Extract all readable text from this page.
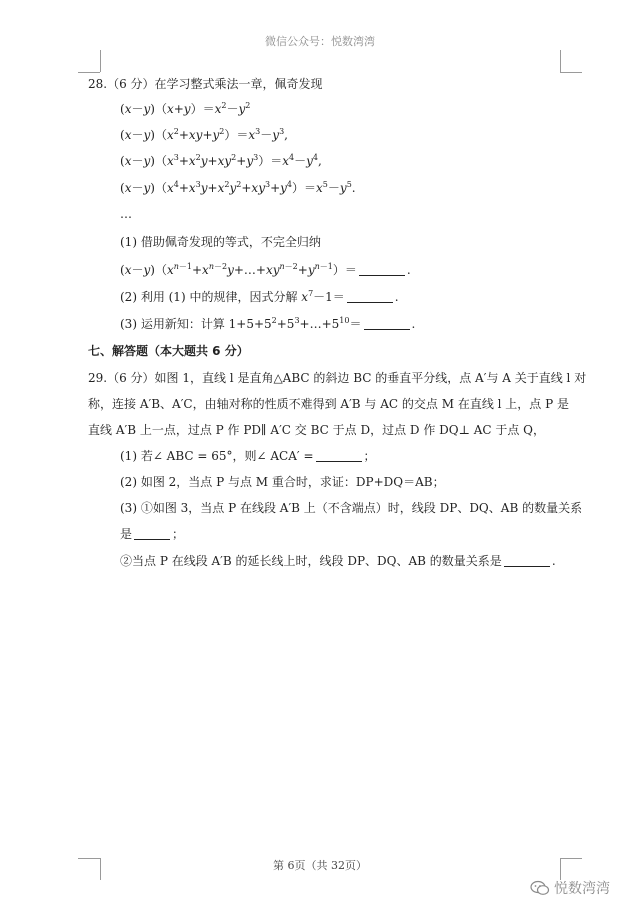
微信公众号：悦数湾湾
28.（6 分）在学习整式乘法一章，佩奇发现
$(x-y)(x+y)=x^2-y^2$
$(x-y)(x^2+xy+y^2)=x^3-y^3$,
$(x-y)(x^3+x^2y+xy^2+y^3)=x^4-y^4$,
$(x-y)(x^4+x^3y+x^2y^2+xy^3+y^4)=x^5-y^5$.
…
(1) 借助佩奇发现的等式，不完全归纳
$(x-y)(x^{n-1}+x^{n-2}y+\dots+xy^{n-2}+y^{n-1})=$	.
(2) 利用 (1) 中的规律，因式分解 $x^7-1=$	.
(3) 运用新知：计算 $1+5+5^2+5^3+\dots+5^{10}=$	.
七、解答题（本大题共 6 分）
29.（6 分）如图 1，直线 l 是直角△ABC 的斜边 BC 的垂直平分线，点 A′与 A 关于直线 l 对
称，连接 A′B、A′C，由轴对称的性质不难得到 A′B 与 AC 的交点 M 在直线 l 上，点 P 是
直线 A′B 上一点，过点 P 作 PD∥ A′C 交 BC 于点 D，过点 D 作 DQ⊥ AC 于点 Q，
(1) 若∠ ABC = 65°，则∠ ACA′ =	；
(2) 如图 2，当点 P 与点 M 重合时，求证：DP+DQ＝AB；
(3) ①如图 3，当点 P 在线段 A′B 上（不含端点）时，线段 DP、DQ、AB 的数量关系
是	；
②当点 P 在线段 A′B 的延长线上时，线段 DP、DQ、AB 的数量关系是	.
第 6页（共 32页）
悦数湾湾
